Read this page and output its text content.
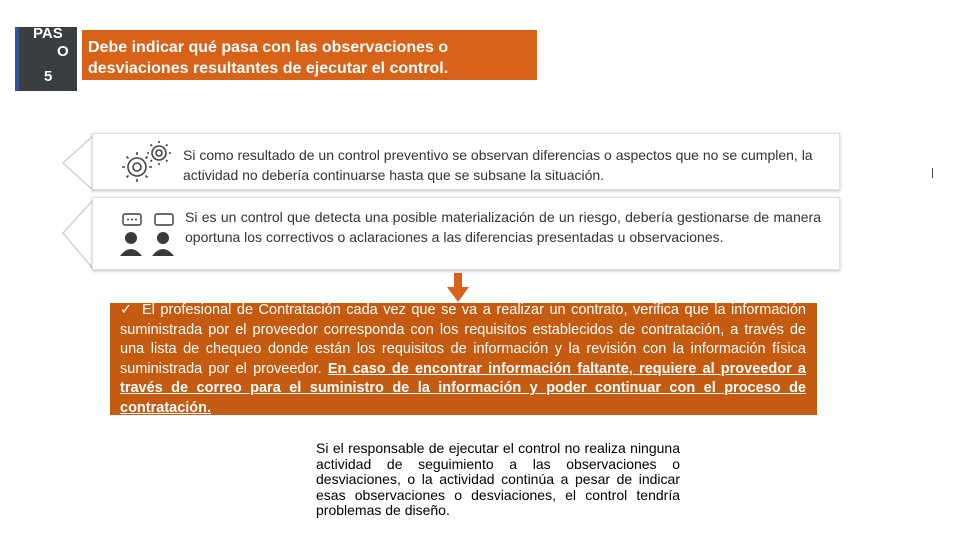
PAS
O
5
Debe indicar qué pasa con las observaciones o
desviaciones resultantes de ejecutar el control.
Si como resultado de un control preventivo se observan diferencias o aspectos que no se cumplen, la actividad no debería continuarse hasta que se subsane la situación.
Si es un control que detecta una posible materialización de un riesgo, debería gestionarse de manera oportuna los correctivos o aclaraciones a las diferencias presentadas u observaciones.
✓ El profesional de Contratación cada vez que se va a realizar un contrato, verifica que la información suministrada por el proveedor corresponda con los requisitos establecidos de contratación, a través de una lista de chequeo donde están los requisitos de información y la revisión con la información física suministrada por el proveedor. En caso de encontrar información faltante, requiere al proveedor a través de correo para el suministro de la información y poder continuar con el proceso de contratación.
Si el responsable de ejecutar el control no realiza ninguna actividad de seguimiento a las observaciones o desviaciones, o la actividad continúa a pesar de indicar esas observaciones o desviaciones, el control tendría problemas de diseño.
